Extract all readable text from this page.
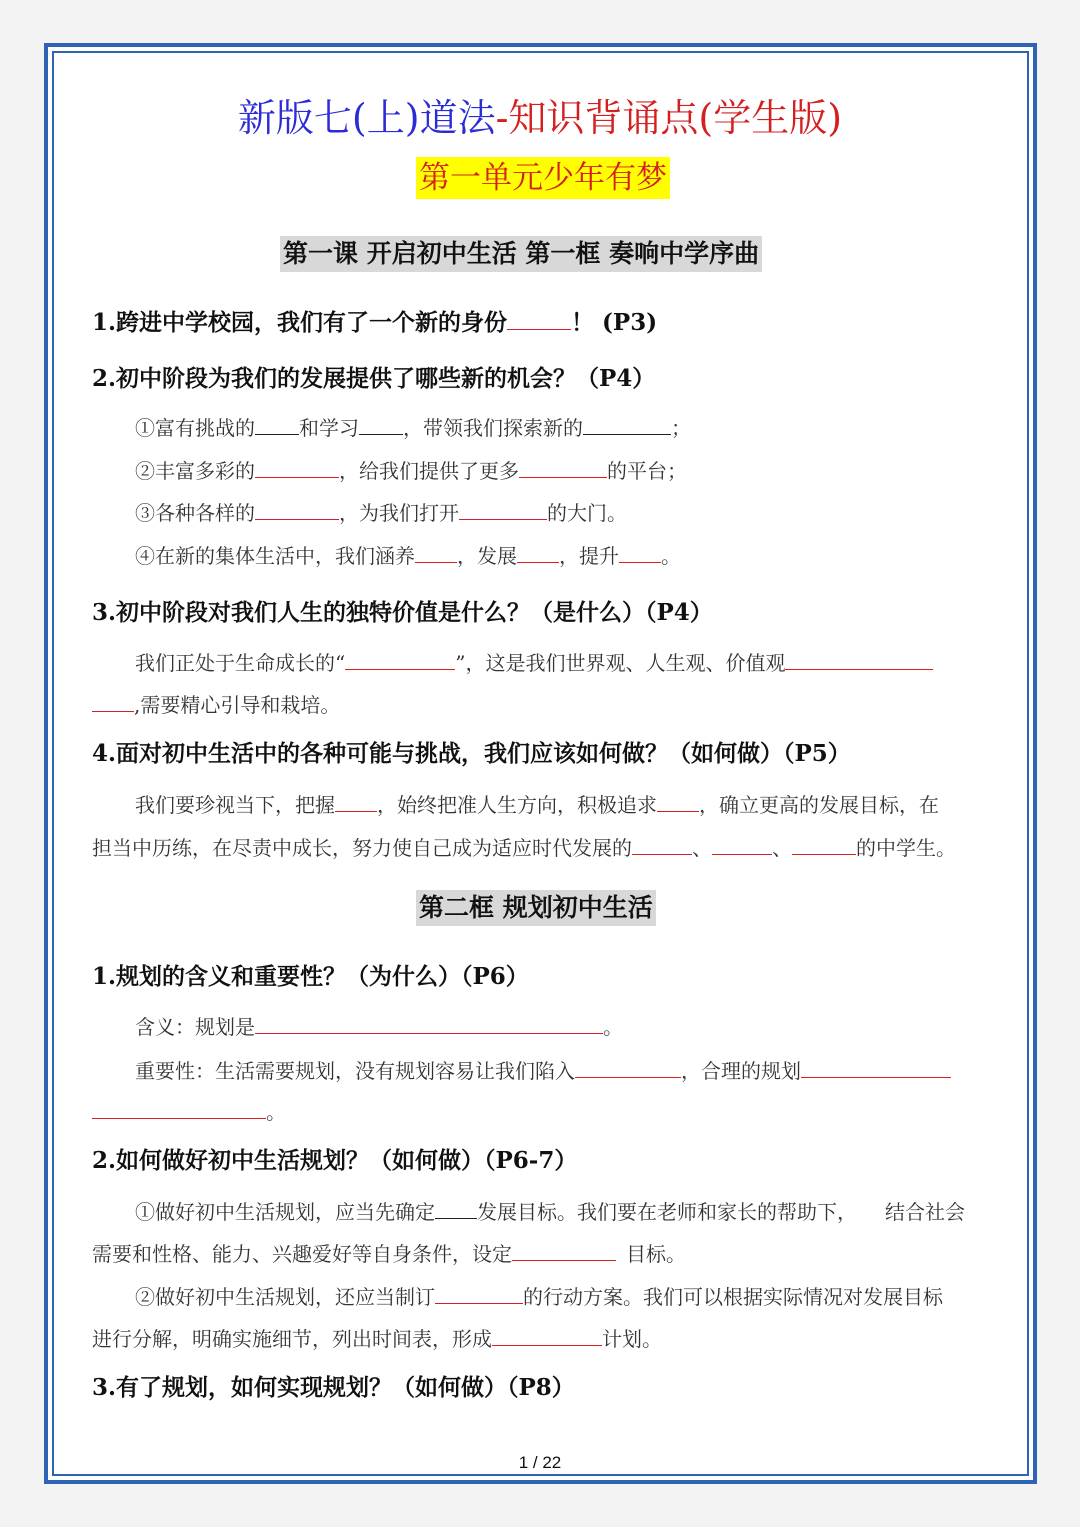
新版七(上)道法-知识背诵点(学生版)
第一单元少年有梦
第一课 开启初中生活 第一框 奏响中学序曲
1.跨进中学校园，我们有了一个新的身份	！ (P3)
2.初中阶段为我们的发展提供了哪些新的机会？（P4）
①富有挑战的 和学习 ，带领我们探索新的	；
②丰富多彩的	，给我们提供了更多	的平台；
③各种各样的	，为我们打开	的大门。
④在新的集体生活中，我们涵养 ，发展 ，提升 。
3.初中阶段对我们人生的独特价值是什么？（是什么）（P4）
我们正处于生命成长的“	”，这是我们世界观、人生观、价值观
,需要精心引导和栽培。
4.面对初中生活中的各种可能与挑战，我们应该如何做？（如何做）（P5）
我们要珍视当下，把握 ，始终把准人生方向，积极追求 ，确立更高的发展目标，在
担当中历练，在尽责中成长，努力使自己成为适应时代发展的	、	、	的中学生。
第二框 规划初中生活
1.规划的含义和重要性？（为什么）（P6）
含义：规划是	。
重要性：生活需要规划，没有规划容易让我们陷入	，合理的规划
。
2.如何做好初中生活规划？（如何做）（P6-7）
①做好初中生活规划，应当先确定 发展目标。我们要在老师和家长的帮助下， 结合社会
需要和性格、能力、兴趣爱好等自身条件，设定	目标。
②做好初中生活规划，还应当制订	的行动方案。我们可以根据实际情况对发展目标
进行分解，明确实施细节，列出时间表，形成	计划。
3.有了规划，如何实现规划？（如何做）（P8）
1 / 22
